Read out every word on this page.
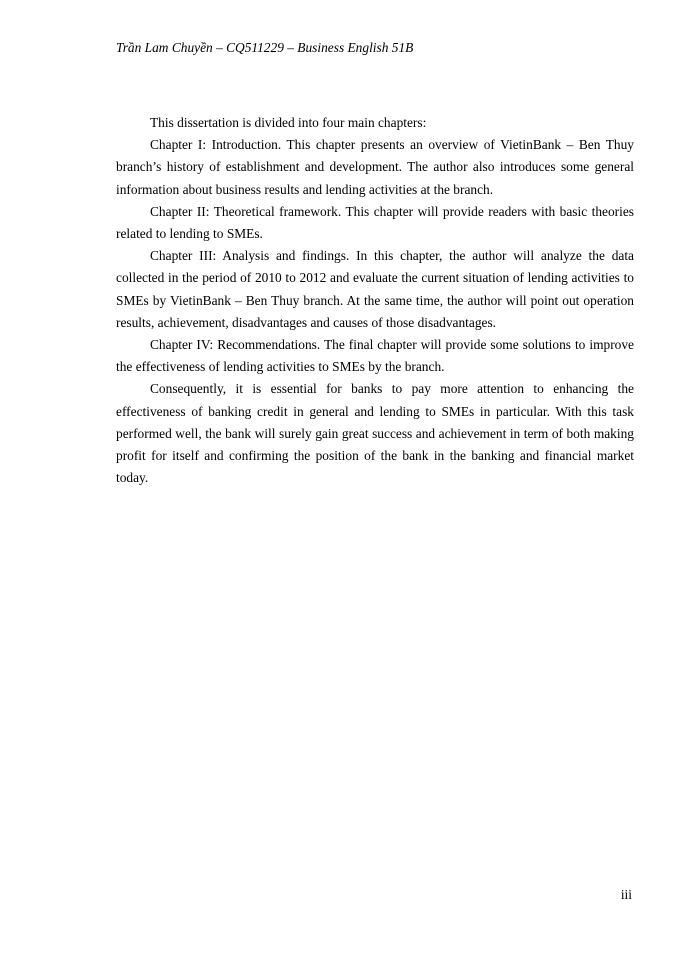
Trần Lam Chuyền – CQ511229 – Business English 51B

This dissertation is divided into four main chapters:

Chapter I: Introduction. This chapter presents an overview of VietinBank – Ben Thuy branch’s history of establishment and development. The author also introduces some general information about business results and lending activities at the branch.

Chapter II: Theoretical framework. This chapter will provide readers with basic theories related to lending to SMEs.

Chapter III: Analysis and findings. In this chapter, the author will analyze the data collected in the period of 2010 to 2012 and evaluate the current situation of lending activities to SMEs by VietinBank – Ben Thuy branch. At the same time, the author will point out operation results, achievement, disadvantages and causes of those disadvantages.

Chapter IV: Recommendations. The final chapter will provide some solutions to improve the effectiveness of lending activities to SMEs by the branch.

Consequently, it is essential for banks to pay more attention to enhancing the effectiveness of banking credit in general and lending to SMEs in particular. With this task performed well, the bank will surely gain great success and achievement in term of both making profit for itself and confirming the position of the bank in the banking and financial market today.

iii
